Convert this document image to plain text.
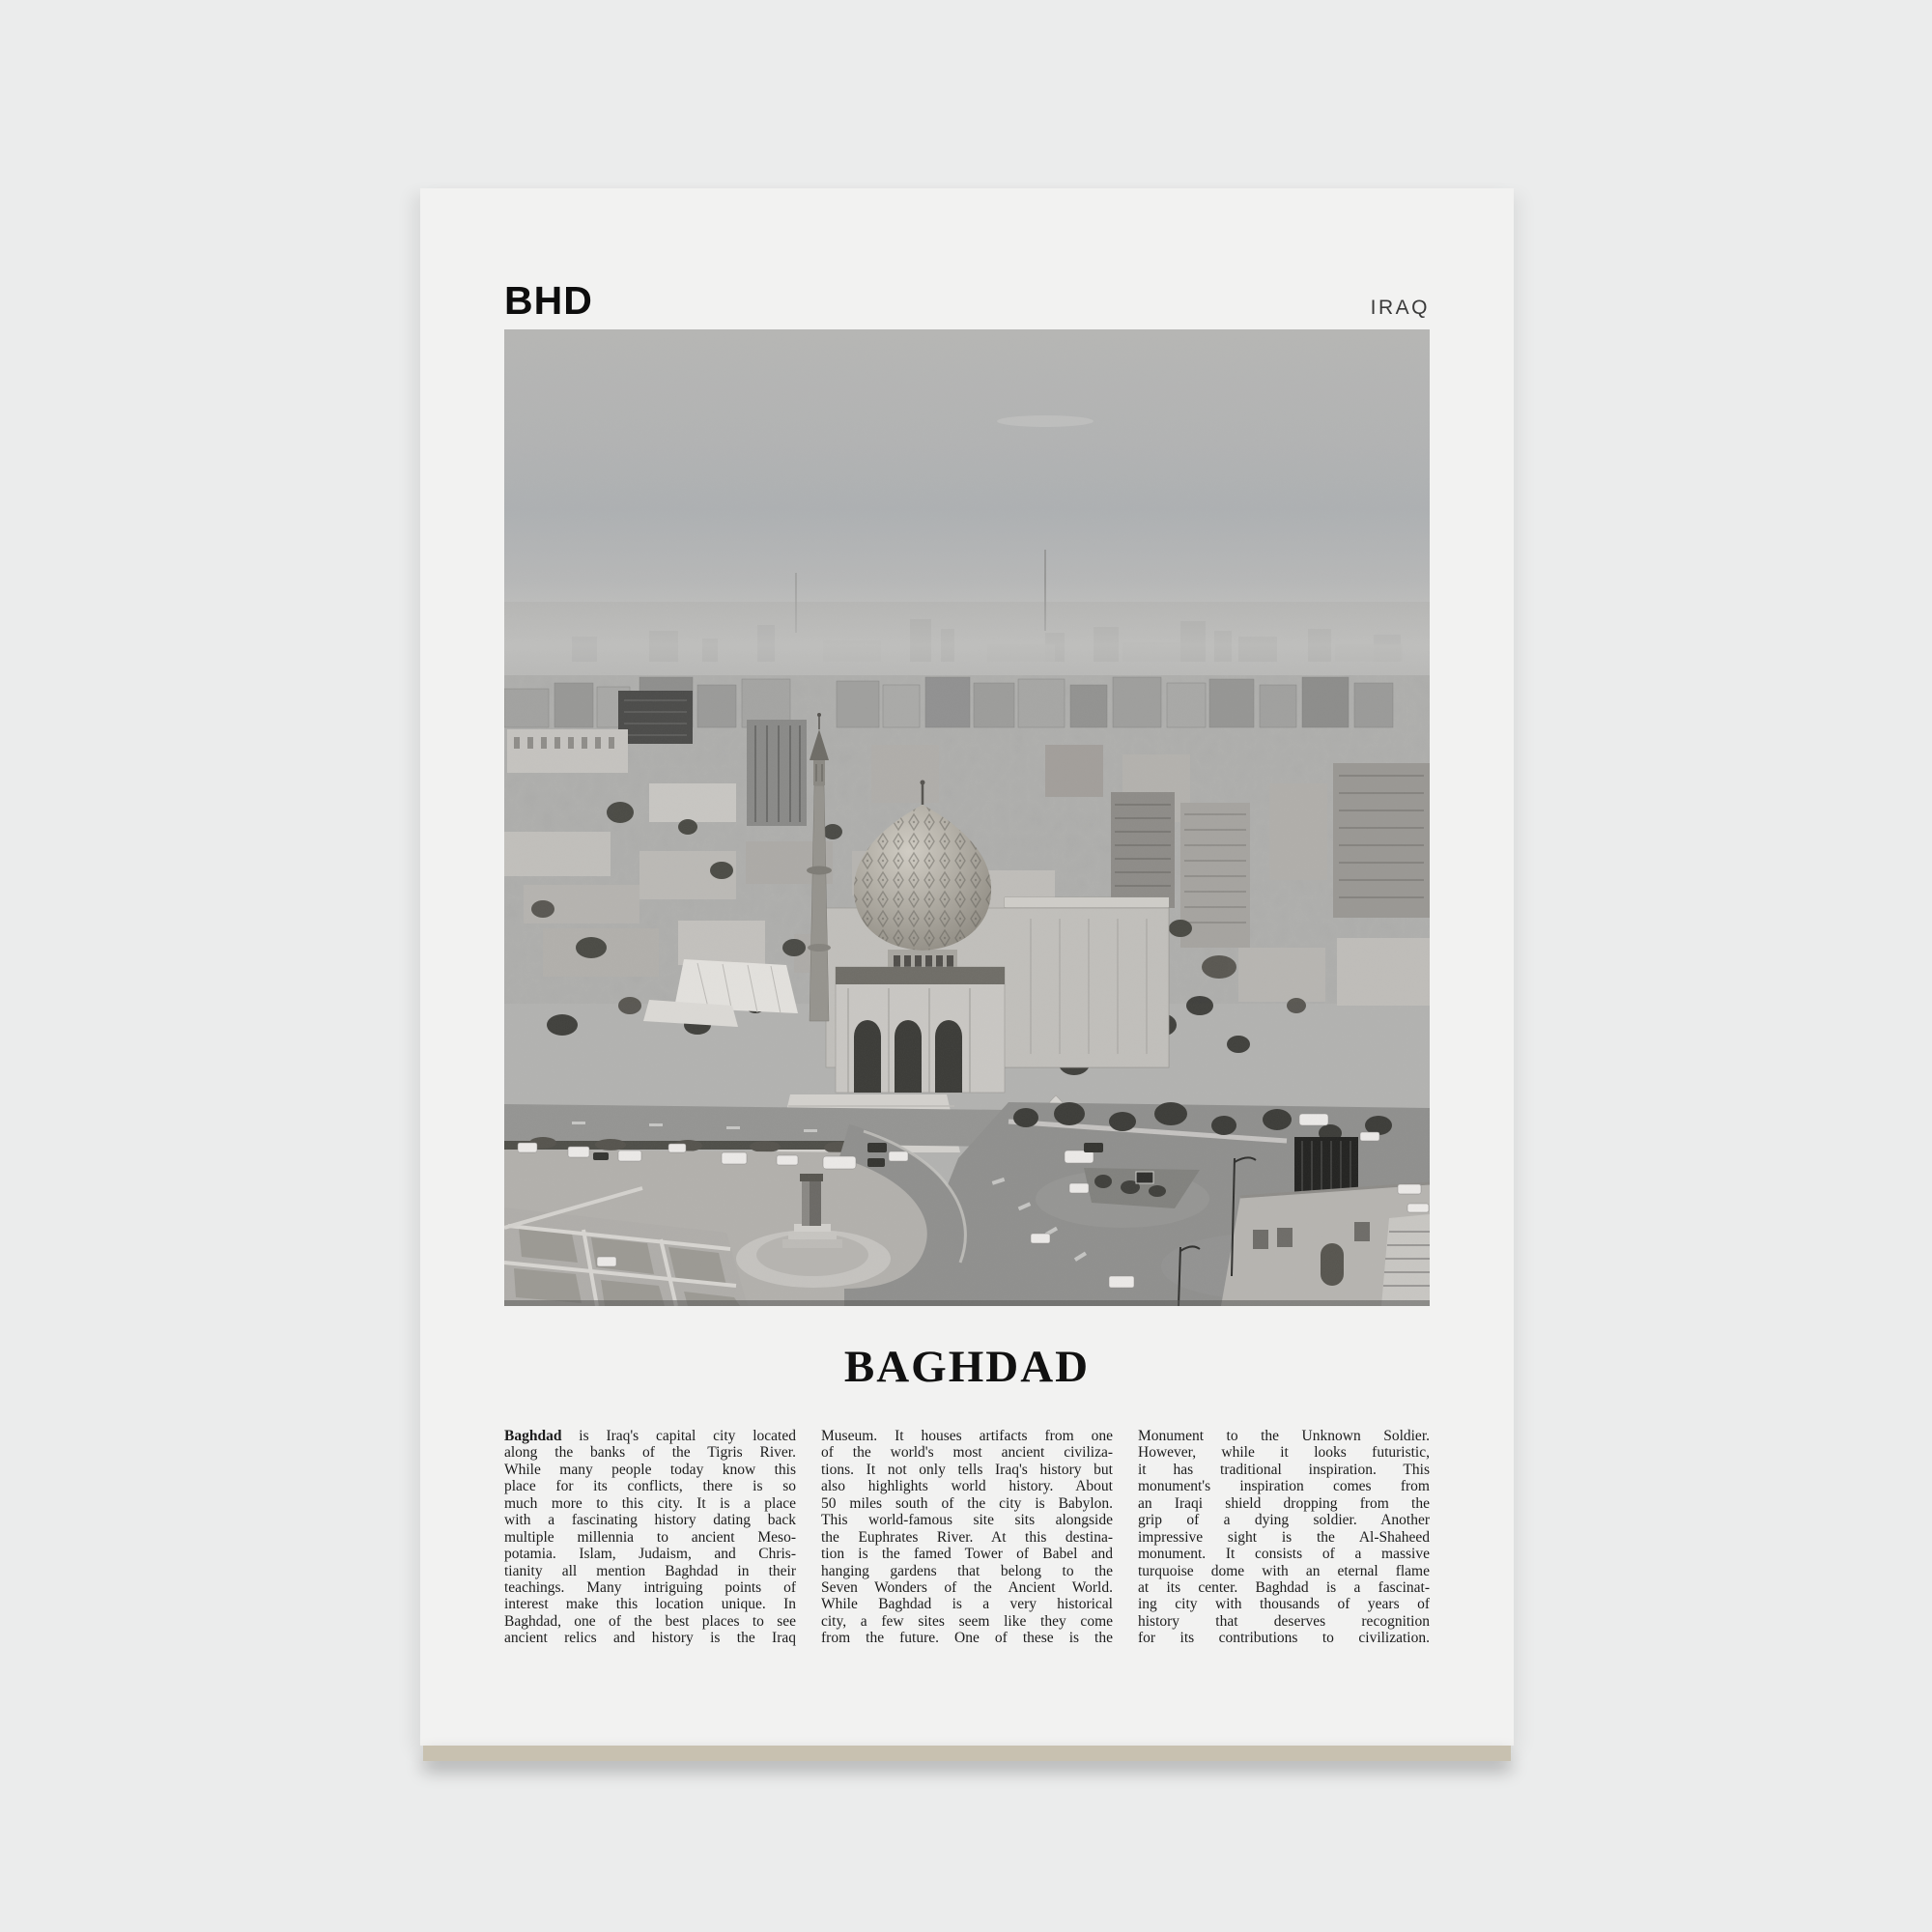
BHD	IRAQ
BAGHDAD
Baghdad is Iraq's capital city located
along the banks of the Tigris River.
While many people today know this
place for its conflicts, there is so
much more to this city. It is a place
with a fascinating history dating back
multiple millennia to ancient Meso-
potamia. Islam, Judaism, and Chris-
tianity all mention Baghdad in their
teachings. Many intriguing points of
interest make this location unique. In
Baghdad, one of the best places to see
ancient relics and history is the Iraq
Museum. It houses artifacts from one
of the world's most ancient civiliza-
tions. It not only tells Iraq's history but
also highlights world history. About
50 miles south of the city is Babylon.
This world-famous site sits alongside
the Euphrates River. At this destina-
tion is the famed Tower of Babel and
hanging gardens that belong to the
Seven Wonders of the Ancient World.
While Baghdad is a very historical
city, a few sites seem like they come
from the future. One of these is the
Monument to the Unknown Soldier.
However, while it looks futuristic,
it has traditional inspiration. This
monument's inspiration comes from
an Iraqi shield dropping from the
grip of a dying soldier. Another
impressive sight is the Al-Shaheed
monument. It consists of a massive
turquoise dome with an eternal flame
at its center. Baghdad is a fascinat-
ing city with thousands of years of
history that deserves recognition
for its contributions to civilization.
